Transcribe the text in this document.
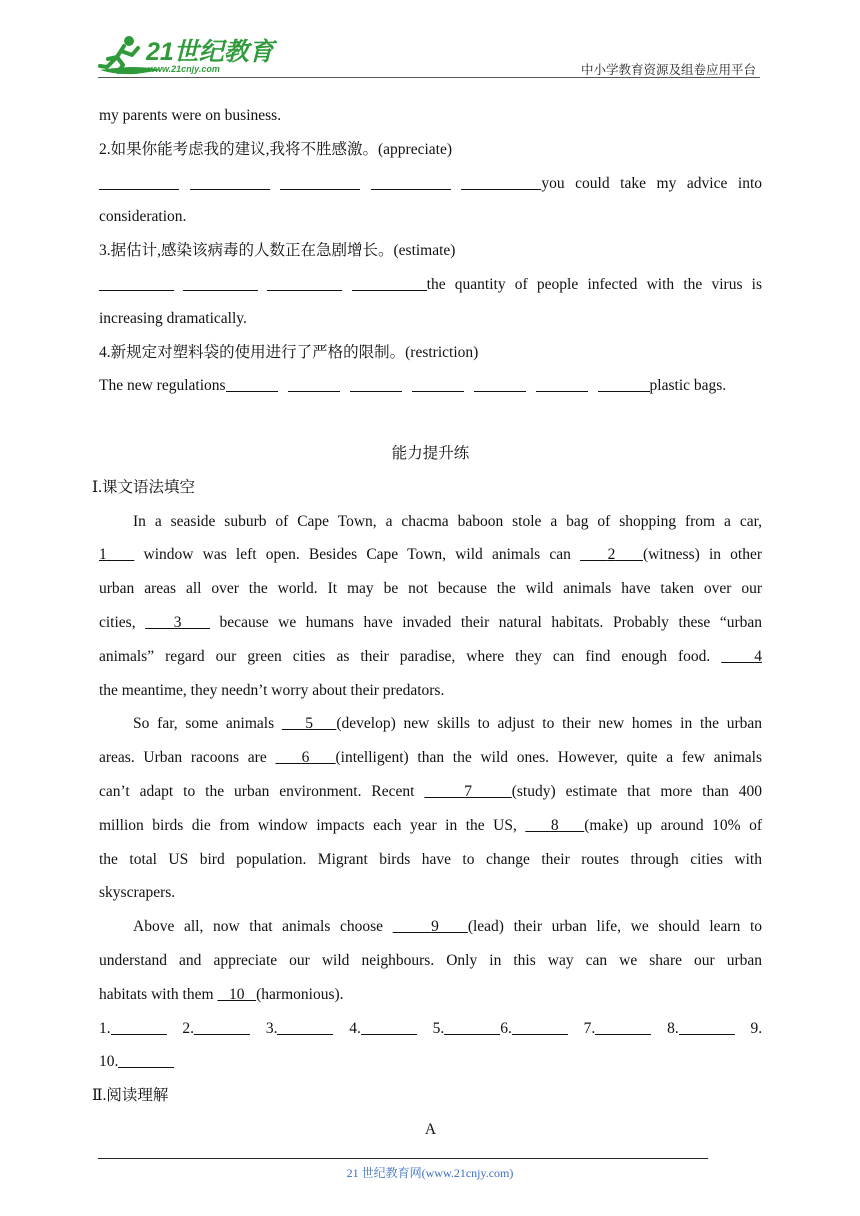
21世纪教育
www.21cnjy.com	中小学教育资源及组卷应用平台
my parents were on business.
2.如果你能考虑我的建议,我将不胜感激。(appreciate)
you could take my advice into
consideration.
3.据估计,感染该病毒的人数正在急剧增长。(estimate)
the quantity of people infected with the virus is
increasing dramatically.
4.新规定对塑料袋的使用进行了严格的限制。(restriction)
The new regulations	plastic bags.
能力提升练
Ⅰ.课文语法填空
In a seaside suburb of Cape Town, a chacma baboon stole a bag of shopping from a car,
1    window was left open. Besides Cape Town, wild animals can    2 (witness) in other
urban areas all over the world. It may be not because the wild animals have taken over our
cities,    3    because we humans have invaded their natural habitats. Probably these “urban
animals” regard our green cities as their paradise, where they can find enough food.    4
the meantime, they needn’t worry about their predators.
So far, some animals    5 (develop) new skills to adjust to their new homes in the urban
areas. Urban racoons are    6 (intelligent) than the wild ones. However, quite a few animals
can’t adapt to the urban environment. Recent	7	(study) estimate that more than 400
million birds die from window impacts each year in the US,    8 (make) up around 10% of
the total US bird population. Migrant birds have to change their routes through cities with
skyscrapers.
Above all, now that animals choose     9 (lead) their urban life, we should learn to
understand and appreciate our wild neighbours. Only in this way can we share our urban
habitats with them    10 (harmonious).
1.	2.	3.	4.	5.	6.	7.	8.	9.
10.
Ⅱ.阅读理解
A
21 世纪教育网(www.21cnjy.com)
